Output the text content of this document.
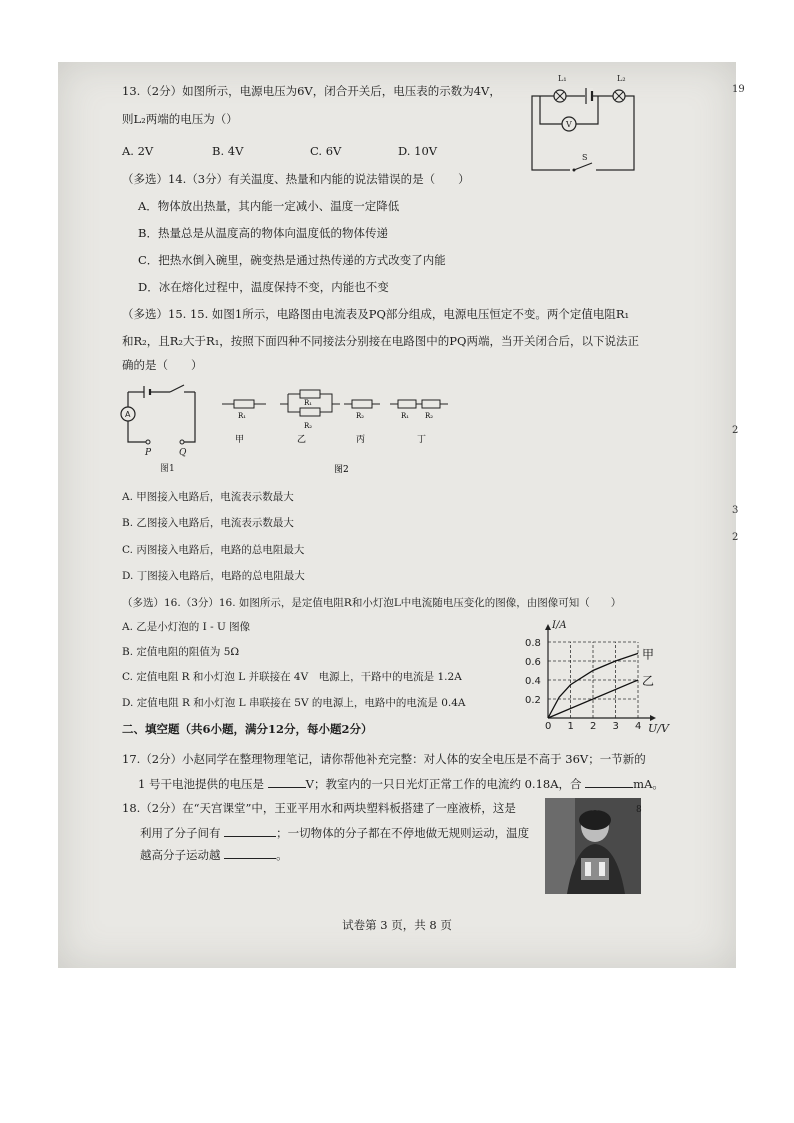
19
2
3
2
13.（2分）如图所示，电源电压为6V，闭合开关后，电压表的示数为4V，
则L₂两端的电压为（）
A. 2V	B. 4V	C. 6V	D. 10V
L₁	L₂
V
S
（多选）14.（3分）有关温度、热量和内能的说法错误的是（　　）
A．物体放出热量，其内能一定减小、温度一定降低
B．热量总是从温度高的物体向温度低的物体传递
C．把热水倒入碗里，碗变热是通过热传递的方式改变了内能
D．冰在熔化过程中，温度保持不变，内能也不变
（多选）15. 15. 如图1所示，电路图由电流表及PQ部分组成，电源电压恒定不变。两个定值电阻R₁
和R₂，且R₂大于R₁，按照下面四种不同接法分别接在电路图中的PQ两端，当开关闭合后，以下说法正
确的是（　　）
A
P	Q
图1
R₁
甲
R₁
R₂
乙
R₂
丙
R₁ R₂
丁
图2
A. 甲图接入电路后，电流表示数最大
B. 乙图接入电路后，电流表示数最大
C. 丙图接入电路后，电路的总电阻最大
D. 丁图接入电路后，电路的总电阻最大
（多选）16.（3分）16. 如图所示，是定值电阻R和小灯泡L中电流随电压变化的图像，由图像可知（　　）
A. 乙是小灯泡的 I - U 图像
B. 定值电阻的阻值为 5Ω
C. 定值电阻 R 和小灯泡 L 并联接在 4V　电源上，干路中的电流是 1.2A
D. 定值电阻 R 和小灯泡 L 串联接在 5V 的电源上，电路中的电流是 0.4A
0 1 2 3 4
0.2
0.4
0.6
0.8
U/V
I/A
甲
乙
二、填空题（共6小题，满分12分，每小题2分）
17.（2分）小赵同学在整理物理笔记，请你帮他补充完整：对人体的安全电压是不高于 36V；一节新的
1 号干电池提供的电压是	V；教室内的一只日光灯正常工作的电流约 0.18A，合	mA。
18.（2分）在“天宫课堂”中，王亚平用水和两块塑料板搭建了一座液桥，这是
利用了分子间有	；一切物体的分子都在不停地做无规则运动，温度
越高分子运动越	。
8
试卷第 3 页，共 8 页
